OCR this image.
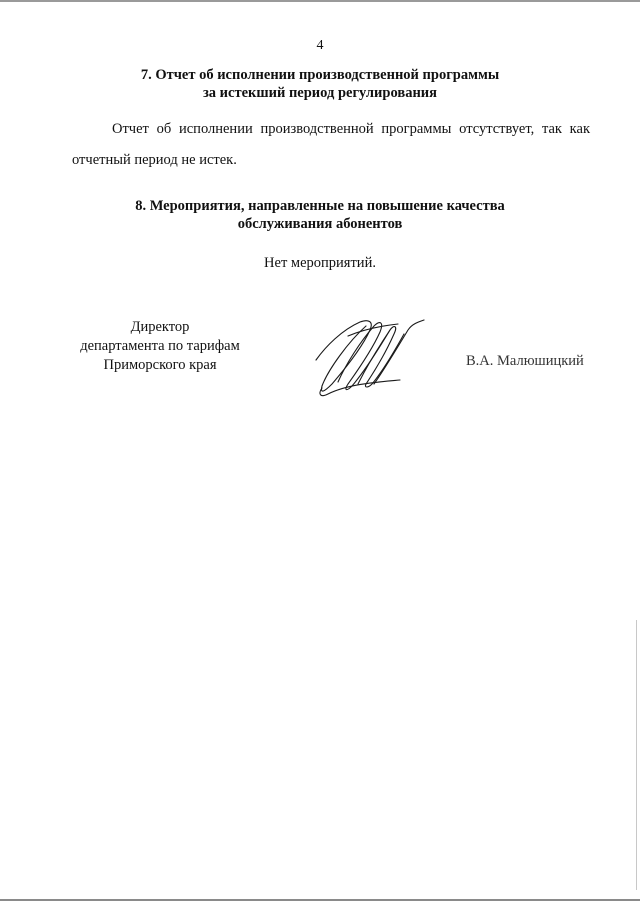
4
7. Отчет об исполнении производственной программы
за истекший период регулирования
Отчет об исполнении производственной программы отсутствует, так как
отчетный период не истек.
8. Мероприятия, направленные на повышение качества
обслуживания абонентов
Нет мероприятий.
Директор
департамента по тарифам
Приморского края	В.А. Малюшицкий
